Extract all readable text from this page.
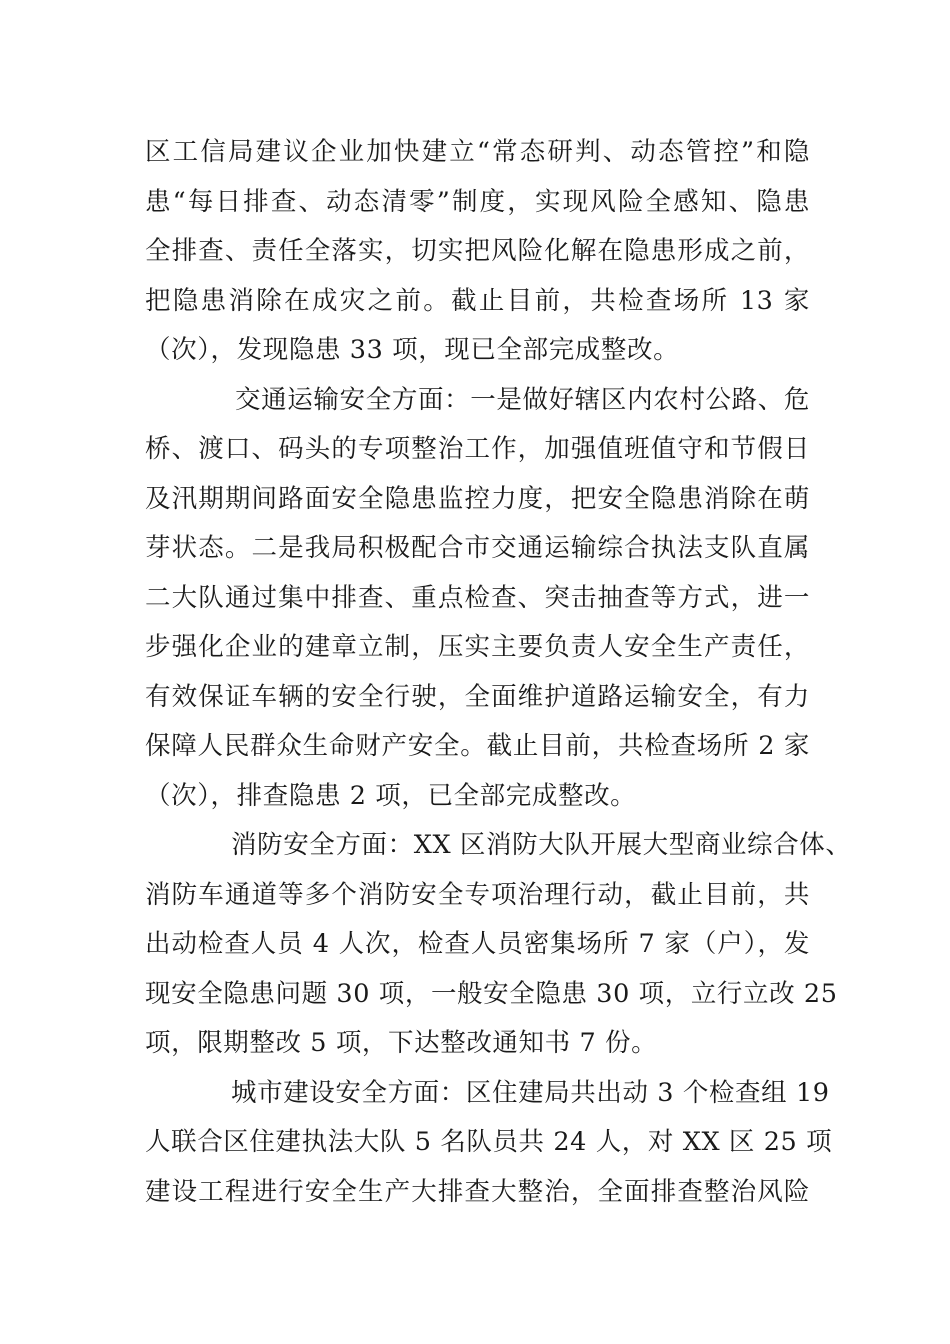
区工信局建议企业加快建立“常态研判、动态管控”和隐
患“每日排查、动态清零”制度，实现风险全感知、隐患
全排查、责任全落实，切实把风险化解在隐患形成之前，
把隐患消除在成灾之前。截止目前，共检查场所 13 家
（次），发现隐患 33 项，现已全部完成整改。
交通运输安全方面：一是做好辖区内农村公路、危
桥、渡口、码头的专项整治工作，加强值班值守和节假日
及汛期期间路面安全隐患监控力度，把安全隐患消除在萌
芽状态。二是我局积极配合市交通运输综合执法支队直属
二大队通过集中排查、重点检查、突击抽查等方式，进一
步强化企业的建章立制，压实主要负责人安全生产责任，
有效保证车辆的安全行驶，全面维护道路运输安全，有力
保障人民群众生命财产安全。截止目前，共检查场所 2 家
（次），排查隐患 2 项，已全部完成整改。
消防安全方面：XX 区消防大队开展大型商业综合体、
消防车通道等多个消防安全专项治理行动，截止目前，共
出动检查人员 4 人次，检查人员密集场所 7 家（户），发
现安全隐患问题 30 项，一般安全隐患 30 项，立行立改 25
项，限期整改 5 项，下达整改通知书 7 份。
城市建设安全方面：区住建局共出动 3 个检查组 19
人联合区住建执法大队 5 名队员共 24 人，对 XX 区 25 项
建设工程进行安全生产大排查大整治，全面排查整治风险
